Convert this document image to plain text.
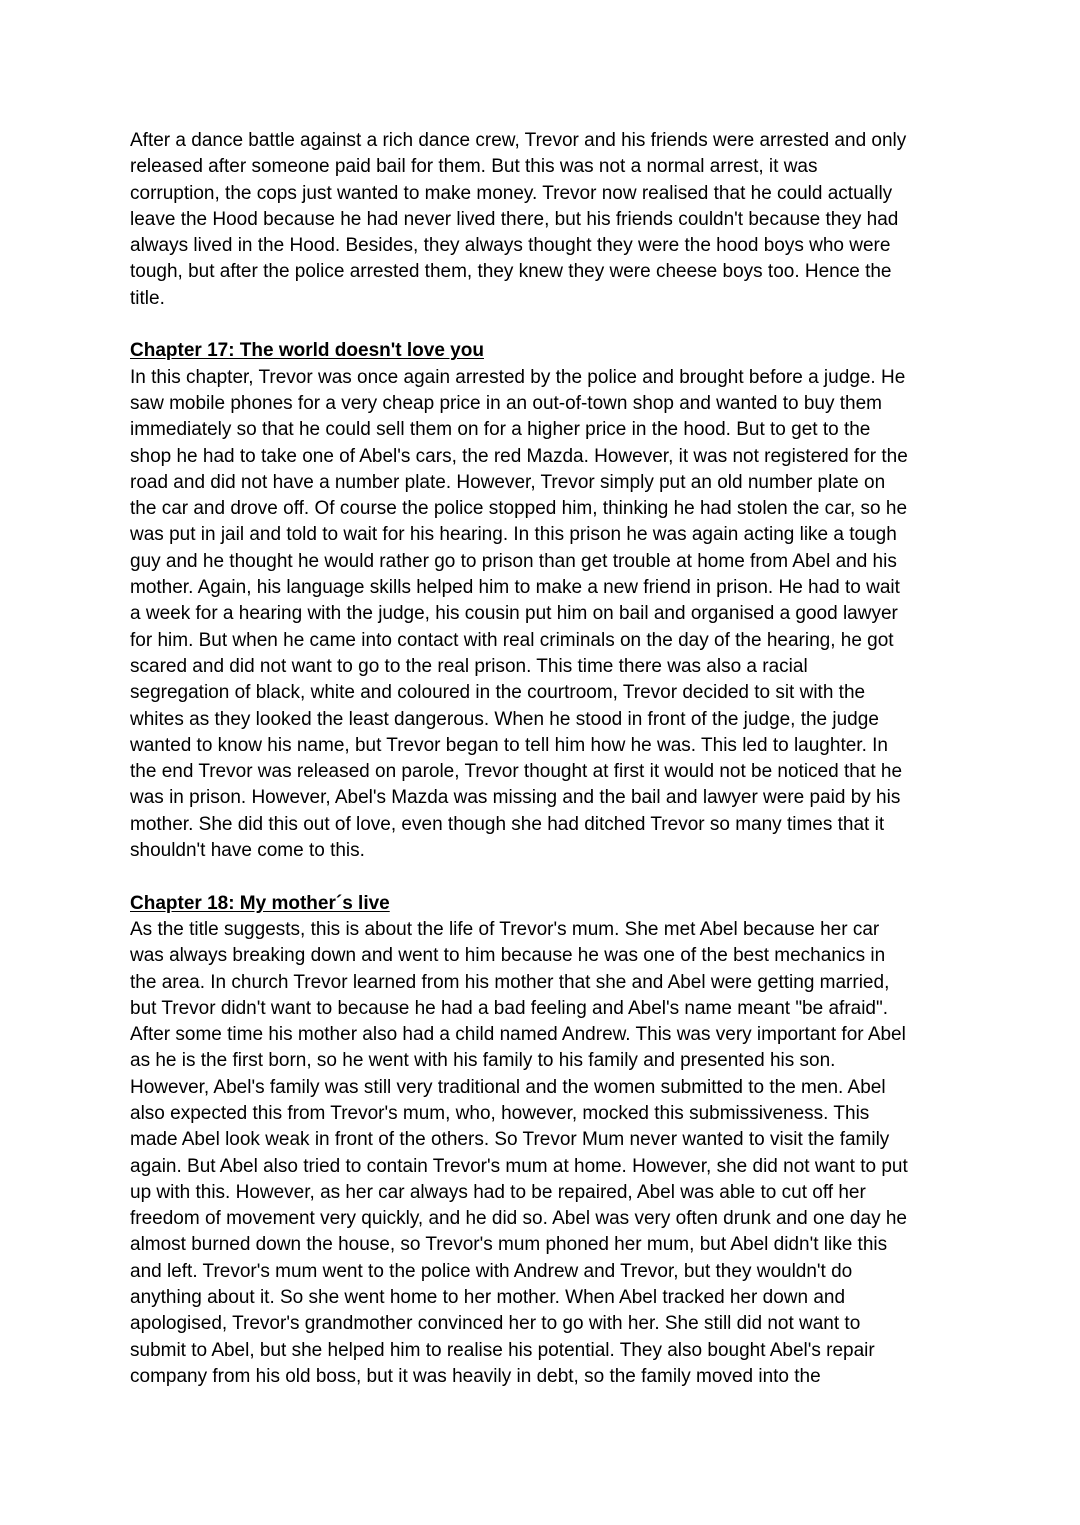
After a dance battle against a rich dance crew, Trevor and his friends were arrested and only
released after someone paid bail for them. But this was not a normal arrest, it was
corruption, the cops just wanted to make money. Trevor now realised that he could actually
leave the Hood because he had never lived there, but his friends couldn't because they had
always lived in the Hood. Besides, they always thought they were the hood boys who were
tough, but after the police arrested them, they knew they were cheese boys too. Hence the
title.

Chapter 17: The world doesn't love you

In this chapter, Trevor was once again arrested by the police and brought before a judge. He
saw mobile phones for a very cheap price in an out-of-town shop and wanted to buy them
immediately so that he could sell them on for a higher price in the hood. But to get to the
shop he had to take one of Abel's cars, the red Mazda. However, it was not registered for the
road and did not have a number plate. However, Trevor simply put an old number plate on
the car and drove off. Of course the police stopped him, thinking he had stolen the car, so he
was put in jail and told to wait for his hearing. In this prison he was again acting like a tough
guy and he thought he would rather go to prison than get trouble at home from Abel and his
mother. Again, his language skills helped him to make a new friend in prison. He had to wait
a week for a hearing with the judge, his cousin put him on bail and organised a good lawyer
for him. But when he came into contact with real criminals on the day of the hearing, he got
scared and did not want to go to the real prison. This time there was also a racial
segregation of black, white and coloured in the courtroom, Trevor decided to sit with the
whites as they looked the least dangerous. When he stood in front of the judge, the judge
wanted to know his name, but Trevor began to tell him how he was. This led to laughter. In
the end Trevor was released on parole, Trevor thought at first it would not be noticed that he
was in prison. However, Abel's Mazda was missing and the bail and lawyer were paid by his
mother. She did this out of love, even though she had ditched Trevor so many times that it
shouldn't have come to this.

Chapter 18: My mother´s live

As the title suggests, this is about the life of Trevor's mum. She met Abel because her car
was always breaking down and went to him because he was one of the best mechanics in
the area. In church Trevor learned from his mother that she and Abel were getting married,
but Trevor didn't want to because he had a bad feeling and Abel's name meant "be afraid".
After some time his mother also had a child named Andrew. This was very important for Abel
as he is the first born, so he went with his family to his family and presented his son.
However, Abel's family was still very traditional and the women submitted to the men. Abel
also expected this from Trevor's mum, who, however, mocked this submissiveness. This
made Abel look weak in front of the others. So Trevor Mum never wanted to visit the family
again. But Abel also tried to contain Trevor's mum at home. However, she did not want to put
up with this. However, as her car always had to be repaired, Abel was able to cut off her
freedom of movement very quickly, and he did so. Abel was very often drunk and one day he
almost burned down the house, so Trevor's mum phoned her mum, but Abel didn't like this
and left. Trevor's mum went to the police with Andrew and Trevor, but they wouldn't do
anything about it. So she went home to her mother. When Abel tracked her down and
apologised, Trevor's grandmother convinced her to go with her. She still did not want to
submit to Abel, but she helped him to realise his potential. They also bought Abel's repair
company from his old boss, but it was heavily in debt, so the family moved into the
